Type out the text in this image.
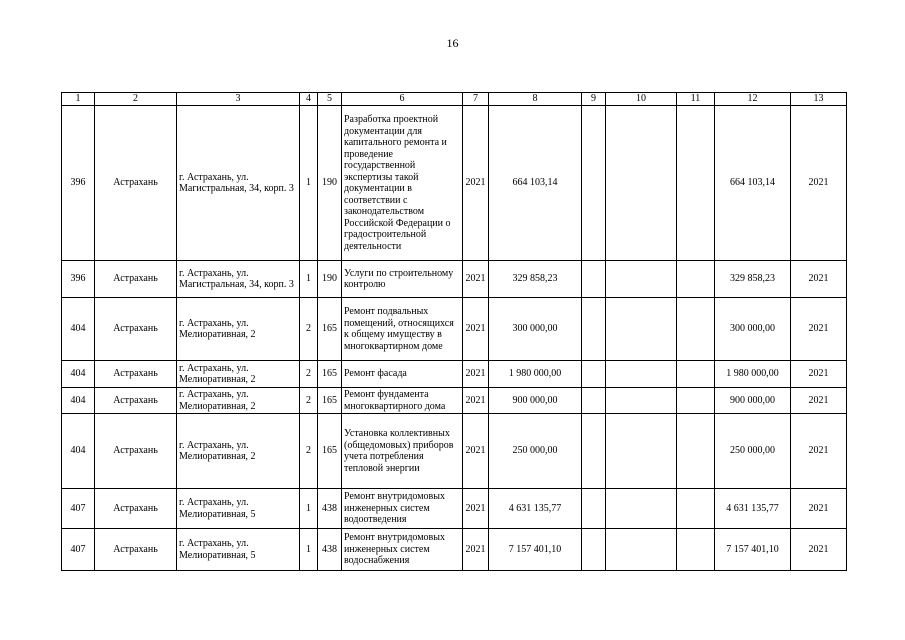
16
1	2	3	4	5	6	7	8	9	10	11	12	13
396	Астрахань	г. Астрахань, ул. Магистральная, 34, корп. 3	1	190	Разработка проектной документации для капитального ремонта и проведение государственной экспертизы такой документации в соответствии с законодательством Российской Федерации о градостроительной деятельности	2021	664 103,14				664 103,14	2021
396	Астрахань	г. Астрахань, ул. Магистральная, 34, корп. 3	1	190	Услуги по строительному контролю	2021	329 858,23				329 858,23	2021
404	Астрахань	г. Астрахань, ул. Мелиоративная, 2	2	165	Ремонт подвальных помещений, относящихся к общему имуществу в многоквартирном доме	2021	300 000,00				300 000,00	2021
404	Астрахань	г. Астрахань, ул. Мелиоративная, 2	2	165	Ремонт фасада	2021	1 980 000,00				1 980 000,00	2021
404	Астрахань	г. Астрахань, ул. Мелиоративная, 2	2	165	Ремонт фундамента многоквартирного дома	2021	900 000,00				900 000,00	2021
404	Астрахань	г. Астрахань, ул. Мелиоративная, 2	2	165	Установка коллективных (общедомовых) приборов учета потребления тепловой энергии	2021	250 000,00				250 000,00	2021
407	Астрахань	г. Астрахань, ул. Мелиоративная, 5	1	438	Ремонт внутридомовых инженерных систем водоотведения	2021	4 631 135,77				4 631 135,77	2021
407	Астрахань	г. Астрахань, ул. Мелиоративная, 5	1	438	Ремонт внутридомовых инженерных систем водоснабжения	2021	7 157 401,10				7 157 401,10	2021
